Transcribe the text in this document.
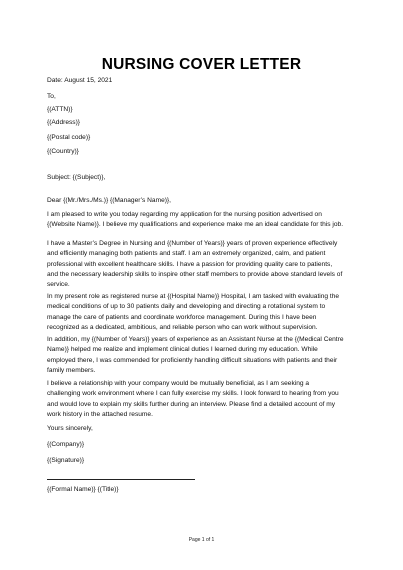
NURSING COVER LETTER
Date: August 15, 2021
To,
{(ATTN)}
{(Address)}
{(Postal code)}
{(Country)}
Subject: {(Subject)},
Dear {(Mr./Mrs./Ms.)} {(Manager’s Name)},
I am pleased to write you today regarding my application for the nursing position advertised on
{(Website Name)}. I believe my qualifications and experience make me an ideal candidate for this job.
I have a Master’s Degree in Nursing and {(Number of Years)} years of proven experience effectively
and efficiently managing both patients and staff. I am an extremely organized, calm, and patient
professional with excellent healthcare skills. I have a passion for providing quality care to patients,
and the necessary leadership skills to inspire other staff members to provide above standard levels of
service.
In my present role as registered nurse at {(Hospital Name)} Hospital, I am tasked with evaluating the
medical conditions of up to 30 patients daily and developing and directing a rotational system to
manage the care of patients and coordinate workforce management. During this I have been
recognized as a dedicated, ambitious, and reliable person who can work without supervision.
In addition, my {(Number of Years)} years of experience as an Assistant Nurse at the {(Medical Centre
Name)} helped me realize and implement clinical duties I learned during my education. While
employed there, I was commended for proficiently handling difficult situations with patients and their
family members.
I believe a relationship with your company would be mutually beneficial, as I am seeking a
challenging work environment where I can fully exercise my skills. I look forward to hearing from you
and would love to explain my skills further during an interview. Please find a detailed account of my
work history in the attached resume.
Yours sincerely,
{(Company)}
{(Signature)}
{(Formal Name)} {(Title)}
Page 1 of 1
